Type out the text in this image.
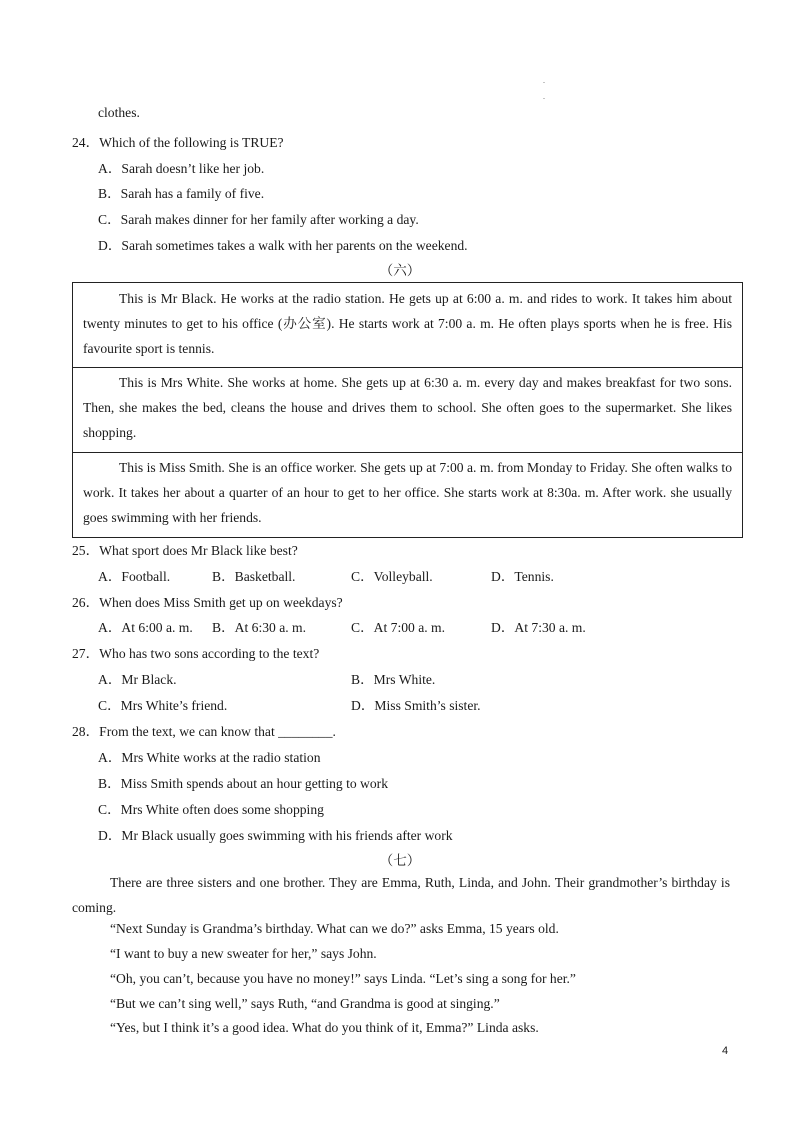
.
.
clothes.
24．Which of the following is TRUE?
A．Sarah doesn’t like her job.
B．Sarah has a family of five.
C．Sarah makes dinner for her family after working a day.
D．Sarah sometimes takes a walk with her parents on the weekend.
（六）

This is Mr Black. He works at the radio station. He gets up at 6:00 a. m. and rides to work. It takes him about twenty minutes to get to his office (办公室). He starts work at 7:00 a. m. He often plays sports when he is free. His favourite sport is tennis.

This is Mrs White. She works at home. She gets up at 6:30 a. m. every day and makes breakfast for two sons. Then, she makes the bed, cleans the house and drives them to school. She often goes to the supermarket. She likes shopping.

This is Miss Smith. She is an office worker. She gets up at 7:00 a. m. from Monday to Friday. She often walks to work. It takes her about a quarter of an hour to get to her office. She starts work at 8:30a. m. After work. she usually goes swimming with her friends.

25．What sport does Mr Black like best?
A．Football.	B．Basketball.	C．Volleyball.	D．Tennis.
26．When does Miss Smith get up on weekdays?
A．At 6:00 a. m. B．At 6:30 a. m.	C．At 7:00 a. m.	D．At 7:30 a. m.
27．Who has two sons according to the text?
A．Mr Black.	B．Mrs White.
C．Mrs White’s friend.	D．Miss Smith’s sister.
28．From the text, we can know that ________.
A．Mrs White works at the radio station
B．Miss Smith spends about an hour getting to work
C．Mrs White often does some shopping
D．Mr Black usually goes swimming with his friends after work
（七）

There are three sisters and one brother. They are Emma, Ruth, Linda, and John. Their grandmother’s birthday is coming.

“Next Sunday is Grandma’s birthday. What can we do?” asks Emma, 15 years old.
“I want to buy a new sweater for her,” says John.
“Oh, you can’t, because you have no money!” says Linda. “Let’s sing a song for her.”
“But we can’t sing well,” says Ruth, “and Grandma is good at singing.”
“Yes, but I think it’s a good idea. What do you think of it, Emma?” Linda asks.
4
